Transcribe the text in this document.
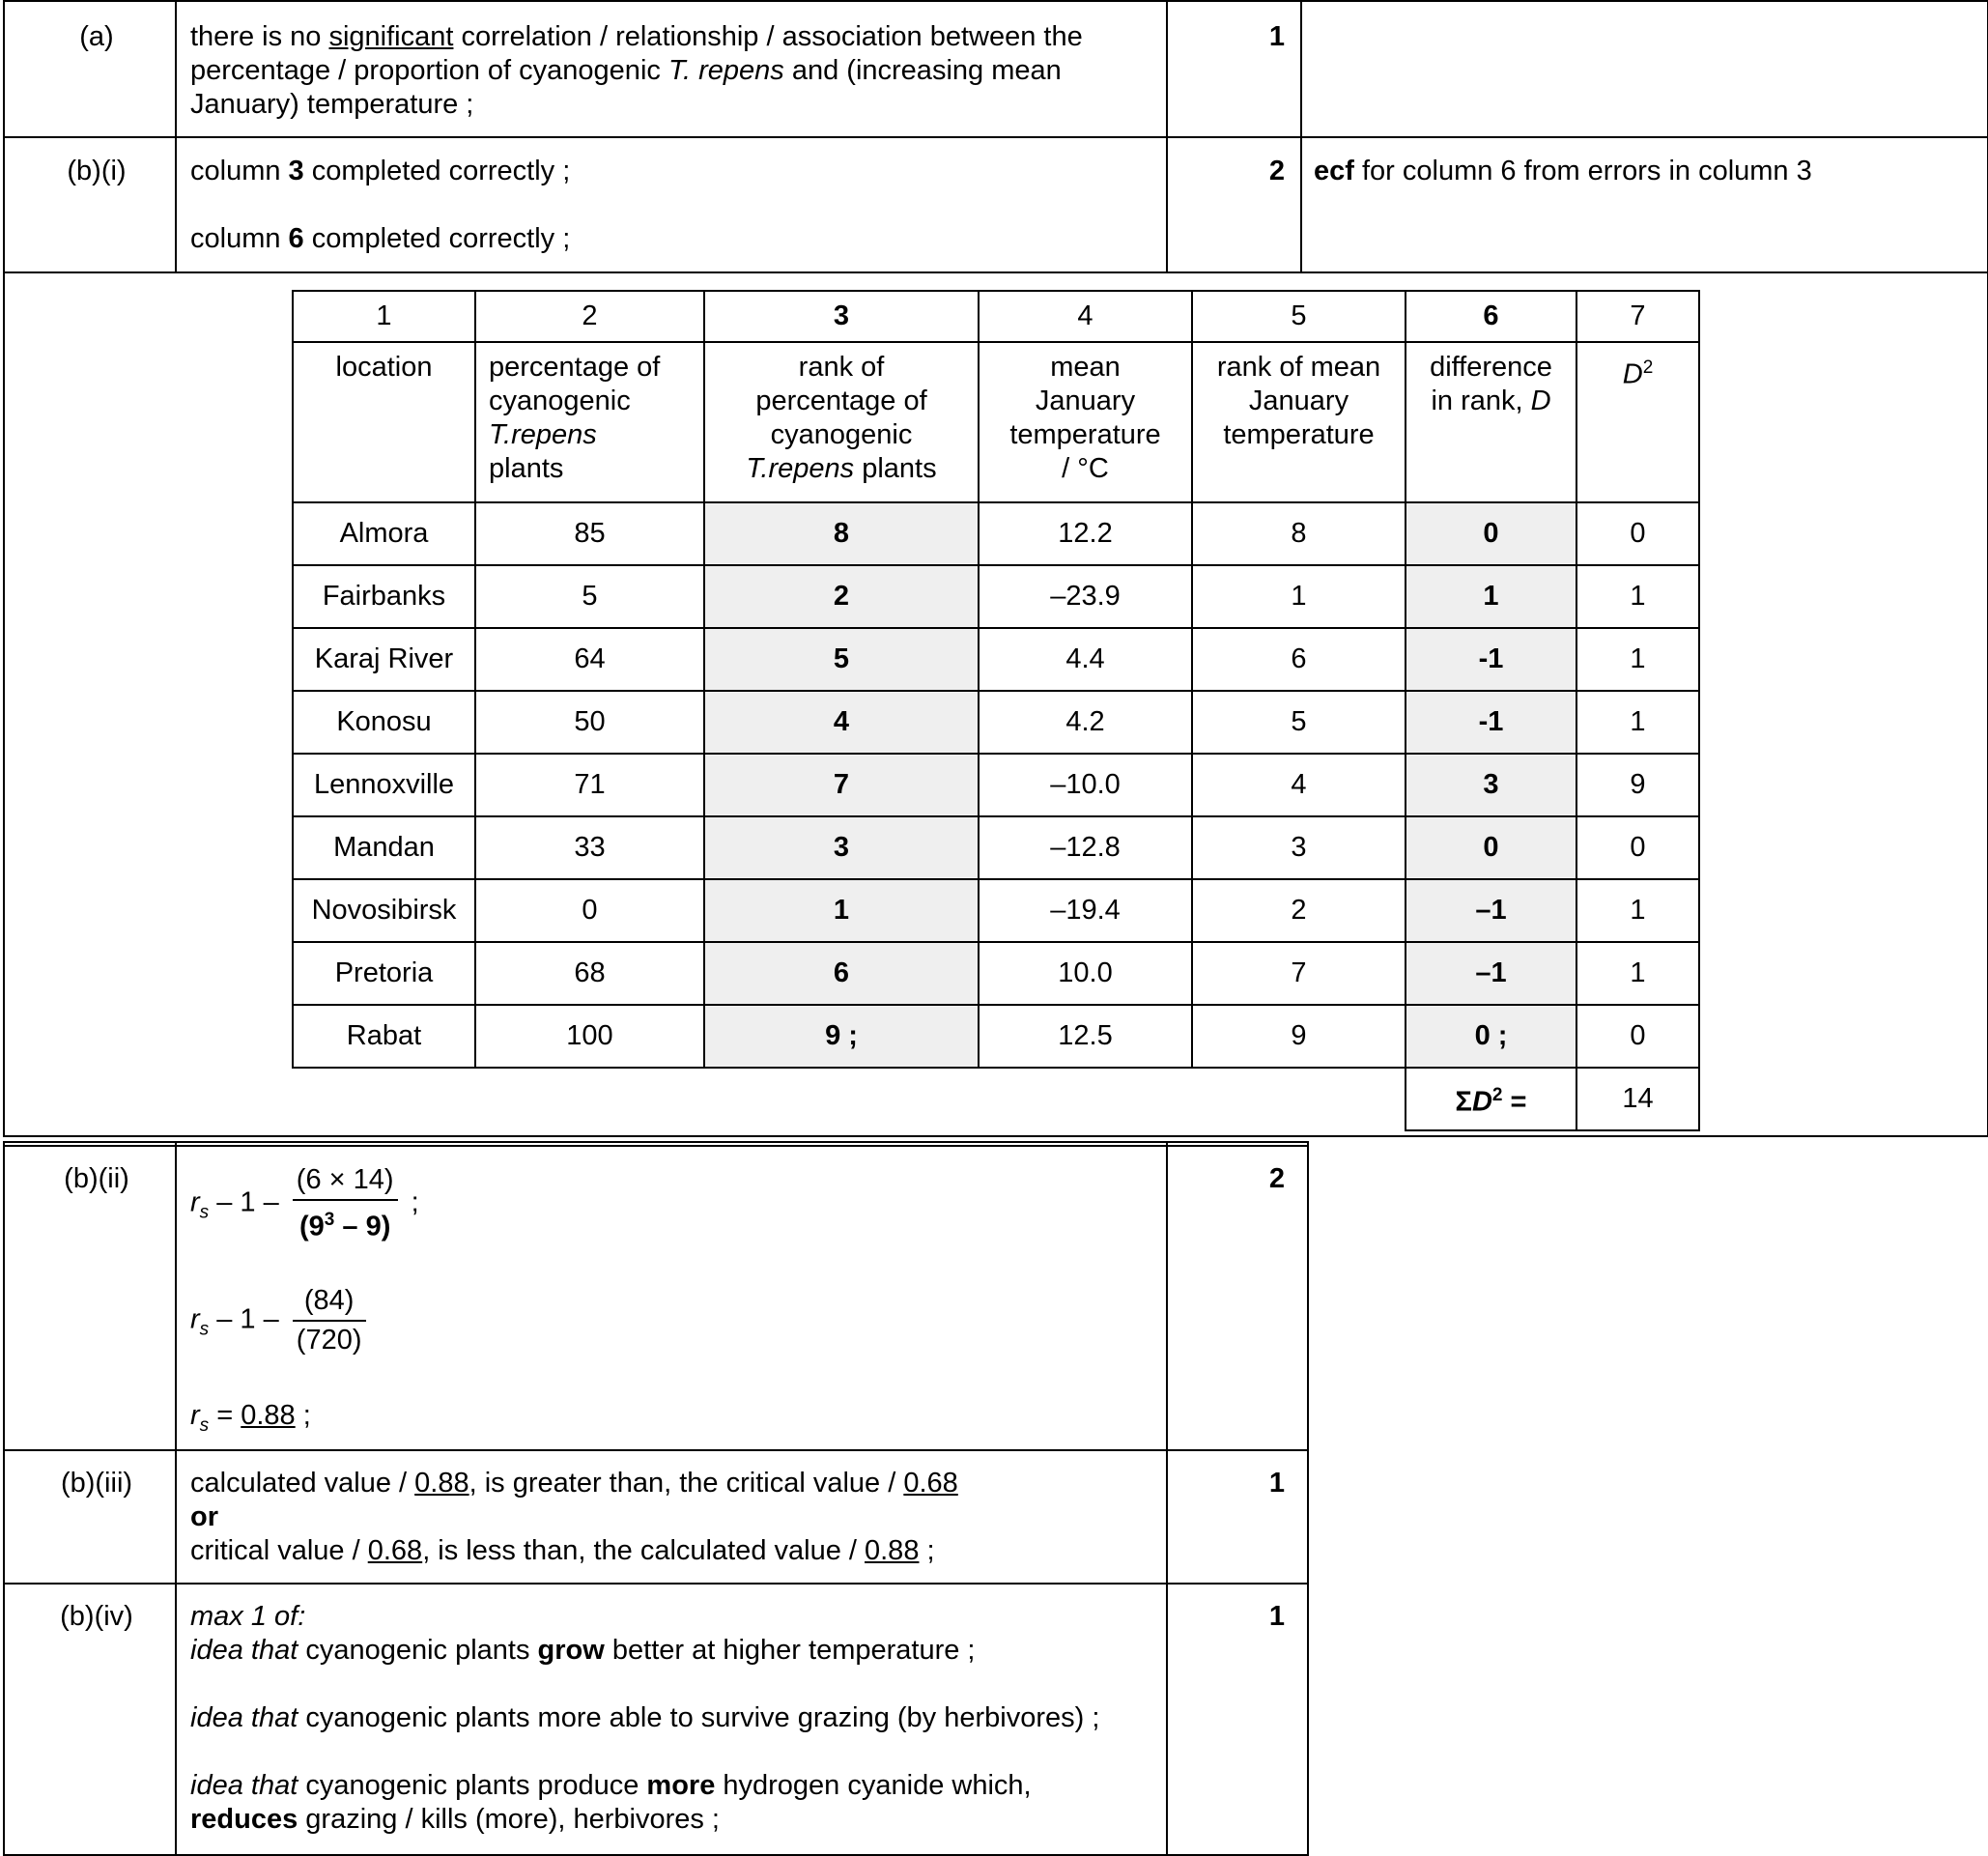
(a)	there is no significant correlation / relationship / association between the
percentage / proportion of cyanogenic T. repens and (increasing mean
January) temperature ;
1
(b)(i)	column 3 completed correctly ;
column 6 completed correctly ;
2 ecf for column 6 from errors in column 3
1	2	3	4	5	6	7
location	percentage of
cyanogenic
T.repens
plants	rank of
percentage of
cyanogenic
T.repens plants	mean
January
temperature
/ °C	rank of mean
January
temperature	difference
in rank, D	$D^2$
Almora	85	8	12.2	8	0	0
Fairbanks	5	2	–23.9	1	1	1
Karaj River	64	5	4.4	6	-1	1
Konosu	50	4	4.2	5	-1	1
Lennoxville	71	7	–10.0	4	3	9
Mandan	33	3	–12.8	3	0	0
Novosibirsk	0	1	–19.4	2	–1	1
Pretoria	68	6	10.0	7	–1	1
Rabat	100	9 ;	12.5	9	0 ;	0
					$\Sigma D^2$ =	14
(b)(ii)	2
$r_s - 1 - \frac{(6 \times 14)}{(9^3 - 9)}$ ;
$r_s - 1 - \frac{(84)}{(720)}$
$r_s = 0.88$ ;
(b)(iii)	1
calculated value / 0.88, is greater than, the critical value / 0.68
or
critical value / 0.68, is less than, the calculated value / 0.88 ;
(b)(iv)	1
max 1 of:
idea that cyanogenic plants grow better at higher temperature ;
idea that cyanogenic plants more able to survive grazing (by herbivores) ;
idea that cyanogenic plants produce more hydrogen cyanide which,
reduces grazing / kills (more), herbivores ;
